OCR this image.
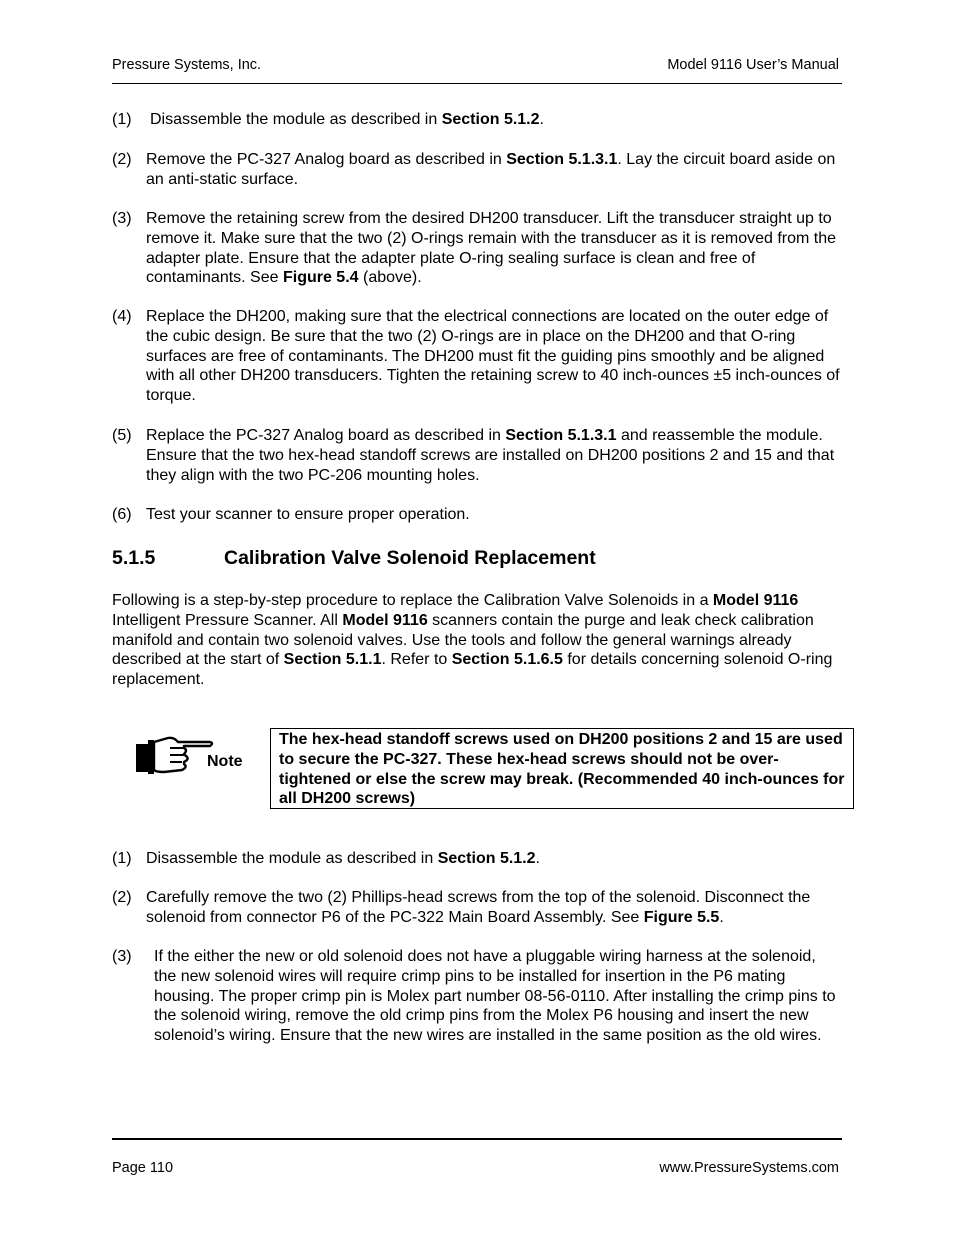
Pressure Systems, Inc.	Model 9116 User’s Manual
(1) Disassemble the module as described in Section 5.1.2.
(2) Remove the PC-327 Analog board as described in Section 5.1.3.1. Lay the circuit board aside on an anti-static surface.
(3) Remove the retaining screw from the desired DH200 transducer. Lift the transducer straight up to remove it. Make sure that the two (2) O-rings remain with the transducer as it is removed from the adapter plate. Ensure that the adapter plate O-ring sealing surface is clean and free of contaminants. See Figure 5.4 (above).
(4) Replace the DH200, making sure that the electrical connections are located on the outer edge of the cubic design. Be sure that the two (2) O-rings are in place on the DH200 and that O-ring surfaces are free of contaminants. The DH200 must fit the guiding pins smoothly and be aligned with all other DH200 transducers. Tighten the retaining screw to 40 inch-ounces ±5 inch-ounces of torque.
(5) Replace the PC-327 Analog board as described in Section 5.1.3.1 and reassemble the module. Ensure that the two hex-head standoff screws are installed on DH200 positions 2 and 15 and that they align with the two PC-206 mounting holes.
(6) Test your scanner to ensure proper operation.
5.1.5	Calibration Valve Solenoid Replacement
Following is a step-by-step procedure to replace the Calibration Valve Solenoids in a Model 9116 Intelligent Pressure Scanner. All Model 9116 scanners contain the purge and leak check calibration manifold and contain two solenoid valves. Use the tools and follow the general warnings already described at the start of Section 5.1.1. Refer to Section 5.1.6.5 for details concerning solenoid O-ring replacement.
Note
The hex-head standoff screws used on DH200 positions 2 and 15 are used to secure the PC-327. These hex-head screws should not be over-tightened or else the screw may break. (Recommended 40 inch-ounces for all DH200 screws)
(1) Disassemble the module as described in Section 5.1.2.
(2) Carefully remove the two (2) Phillips-head screws from the top of the solenoid. Disconnect the solenoid from connector P6 of the PC-322 Main Board Assembly. See Figure 5.5.
(3) If the either the new or old solenoid does not have a pluggable wiring harness at the solenoid, the new solenoid wires will require crimp pins to be installed for insertion in the P6 mating housing. The proper crimp pin is Molex part number 08-56-0110. After installing the crimp pins to the solenoid wiring, remove the old crimp pins from the Molex P6 housing and insert the new solenoid’s wiring. Ensure that the new wires are installed in the same position as the old wires.
Page 110	www.PressureSystems.com
